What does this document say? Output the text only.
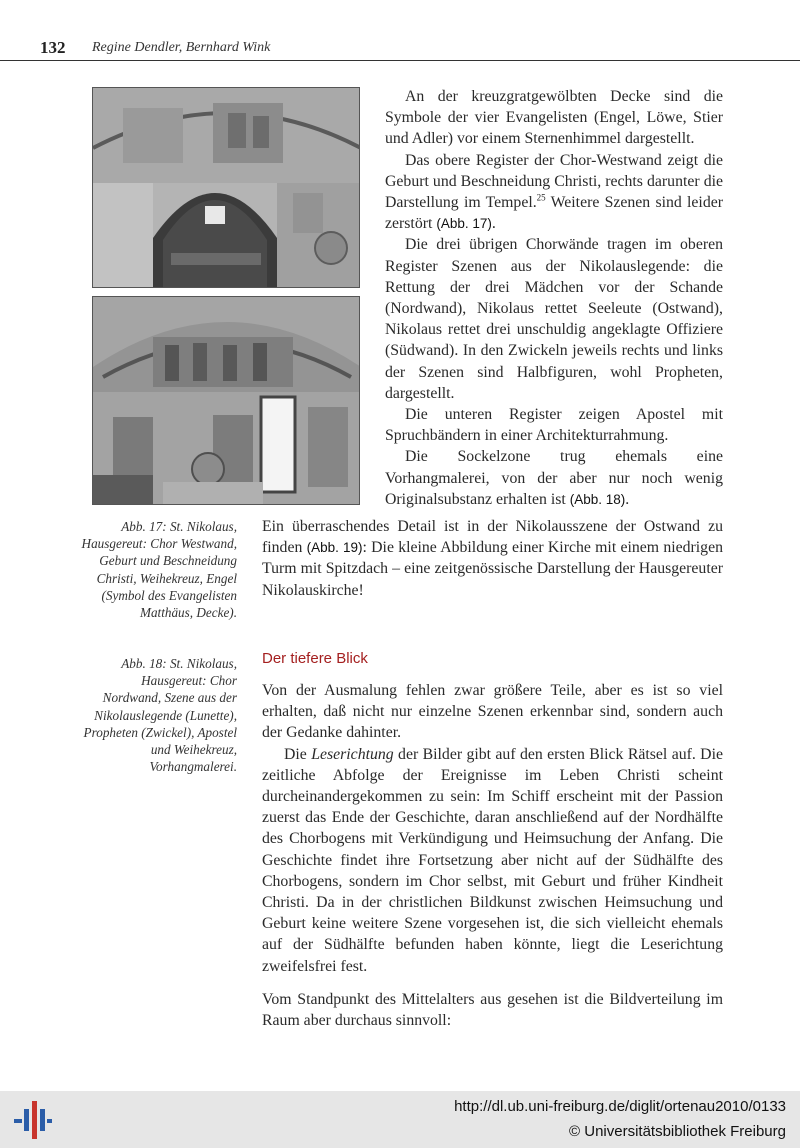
132 Regine Dendler, Bernhard Wink

An der kreuzgratgewölbten Decke sind die Symbole der vier Evangelisten (Engel, Löwe, Stier und Adler) vor einem Sternenhimmel dargestellt.

Das obere Register der Chor-Westwand zeigt die Geburt und Beschneidung Christi, rechts darunter die Darstellung im Tempel.$^{25}$ Weitere Szenen sind leider zerstört (Abb. 17).

Die drei übrigen Chorwände tragen im oberen Register Szenen aus der Nikolauslegende: die Rettung der drei Mädchen vor der Schande (Nordwand), Nikolaus rettet Seeleute (Ostwand), Nikolaus rettet drei unschuldig angeklagte Offiziere (Südwand). In den Zwickeln jeweils rechts und links der Szenen sind Halbfiguren, wohl Propheten, dargestellt.

Die unteren Register zeigen Apostel mit Spruchbändern in einer Architekturrahmung.

Die Sockelzone trug ehemals eine Vorhangmalerei, von der aber nur noch wenig Originalsubstanz erhalten ist (Abb. 18).

Ein überraschendes Detail ist in der Nikolausszene der Ostwand zu finden (Abb. 19): Die kleine Abbildung einer Kirche mit einem niedrigen Turm mit Spitzdach – eine zeitgenössische Darstellung der Hausgereuter Nikolauskirche!

Abb. 17: St. Nikolaus, Hausgereut: Chor Westwand, Geburt und Beschneidung Christi, Weihekreuz, Engel (Symbol des Evangelisten Matthäus, Decke).
Abb. 18: St. Nikolaus, Hausgereut: Chor Nordwand, Szene aus der Nikolauslegende (Lunette), Propheten (Zwickel), Apostel und Weihekreuz, Vorhangmalerei.
Der tiefere Blick

Von der Ausmalung fehlen zwar größere Teile, aber es ist so viel erhalten, daß nicht nur einzelne Szenen erkennbar sind, sondern auch der Gedanke dahinter.

Die Leserichtung der Bilder gibt auf den ersten Blick Rätsel auf. Die zeitliche Abfolge der Ereignisse im Leben Christi scheint durcheinandergekommen zu sein: Im Schiff erscheint mit der Passion zuerst das Ende der Geschichte, daran anschließend auf der Nordhälfte des Chorbogens mit Verkündigung und Heimsuchung der Anfang. Die Geschichte findet ihre Fortsetzung aber nicht auf der Südhälfte des Chorbogens, sondern im Chor selbst, mit Geburt und früher Kindheit Christi. Da in der christlichen Bildkunst zwischen Heimsuchung und Geburt keine weitere Szene vorgesehen ist, die sich vielleicht ehemals auf der Südhälfte befunden haben könnte, liegt die Leserichtung zweifelsfrei fest.

Vom Standpunkt des Mittelalters aus gesehen ist die Bildverteilung im Raum aber durchaus sinnvoll:

http://dl.ub.uni-freiburg.de/diglit/ortenau2010/0133
© Universitätsbibliothek Freiburg
